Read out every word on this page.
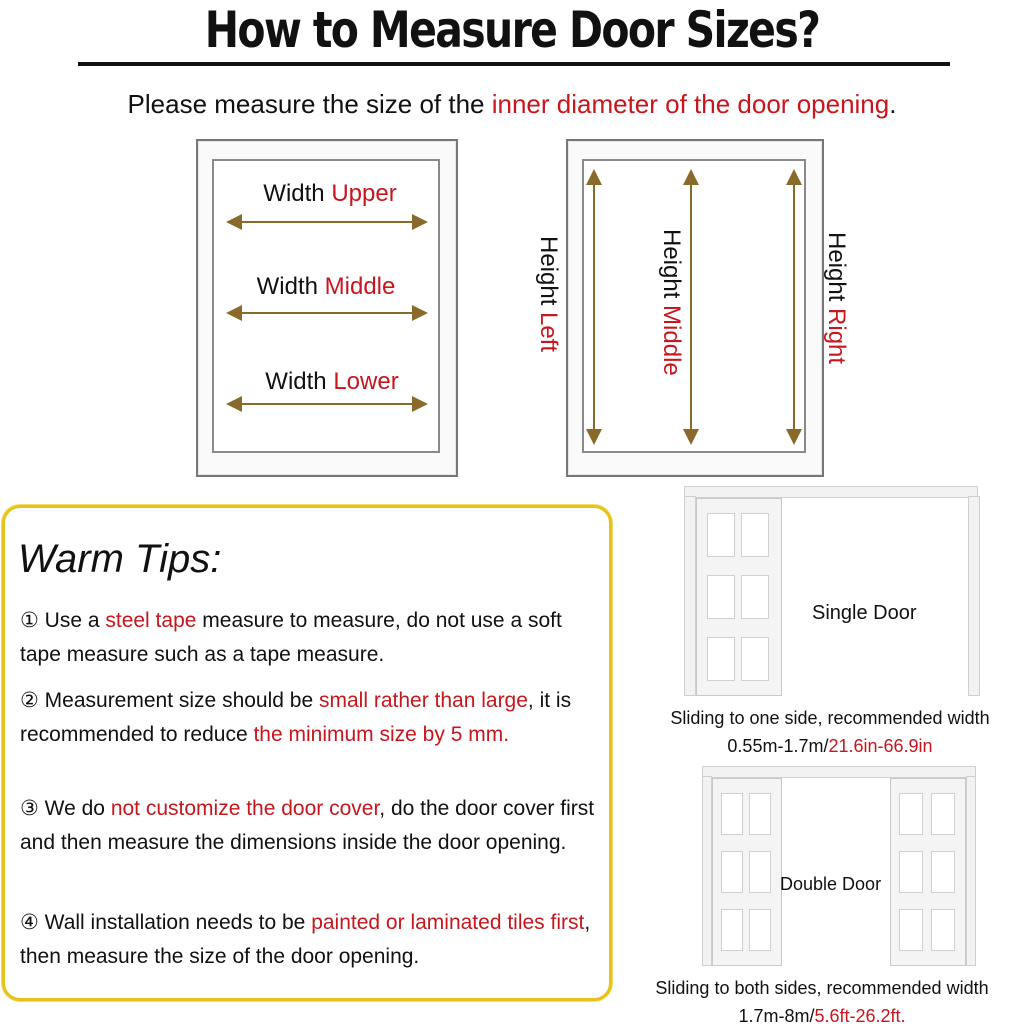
How to Measure Door Sizes?
Please measure the size of the inner diameter of the door opening.
Width Upper
Width Middle
Width Lower
Height Left
Height Middle
Height Right
Warm Tips:
① Use a steel tape measure to measure, do not use a soft tape measure such as a tape measure.
② Measurement size should be small rather than large, it is recommended to reduce the minimum size by 5 mm.
③ We do not customize the door cover, do the door cover first and then measure the dimensions inside the door opening.
④ Wall installation needs to be painted or laminated tiles first, then measure the size of the door opening.
Single Door
Sliding to one side, recommended width
0.55m-1.7m/21.6in-66.9in
Double Door
Sliding to both sides, recommended width
1.7m-8m/5.6ft-26.2ft.
